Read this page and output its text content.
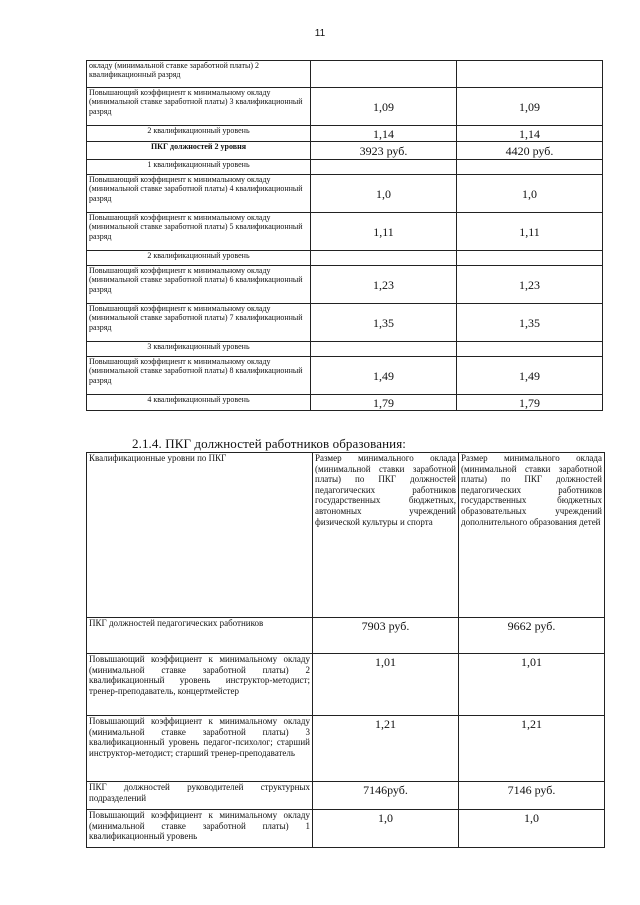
11
окладу (минимальной ставке заработной платы) 2 квалификационный разряд		
Повышающий коэффициент к минимальному окладу (минимальной ставке заработной платы) 3 квалификационный разряд	1,09	1,09
2 квалификационный уровень	1,14	1,14
ПКГ должностей 2 уровня	3923 руб.	4420 руб.
1 квалификационный уровень		
Повышающий коэффициент к минимальному окладу (минимальной ставке заработной платы) 4 квалификационный разряд	1,0	1,0
Повышающий коэффициент к минимальному окладу (минимальной ставке заработной платы) 5 квалификационный разряд	1,11	1,11
2 квалификационный уровень		
Повышающий коэффициент к минимальному окладу (минимальной ставке заработной платы) 6 квалификационный разряд	1,23	1,23
Повышающий коэффициент к минимальному окладу (минимальной ставке заработной платы) 7 квалификационный разряд	1,35	1,35
3 квалификационный уровень		
Повышающий коэффициент к минимальному окладу (минимальной ставке заработной платы) 8 квалификационный разряд	1,49	1,49
4 квалификационный уровень	1,79	1,79
2.1.4. ПКГ должностей работников образования:
Квалификационные уровни по ПКГ	Размер минимального оклада (минимальной ставки заработной платы) по ПКГ должностей педагогических работников государственных бюджетных, автономных учреждений физической культуры и спорта	Размер минимального оклада (минимальной ставки заработной платы) по ПКГ должностей педагогических работников государственных бюджетных образовательных учреждений дополнительного образования детей
ПКГ должностей педагогических работников	7903 руб.	9662 руб.
Повышающий коэффициент к минимальному окладу (минимальной ставке заработной платы) 2 квалификационный уровень инструктор-методист; тренер-преподаватель, концертмейстер	1,01	1,01
Повышающий коэффициент к минимальному окладу (минимальной ставке заработной платы) 3 квалификационный уровень педагог-психолог; старший инструктор-методист; старший тренер-преподаватель	1,21	1,21
ПКГ должностей руководителей структурных подразделений	7146руб.	7146 руб.
Повышающий коэффициент к минимальному окладу (минимальной ставке заработной платы) 1 квалификационный уровень	1,0	1,0
